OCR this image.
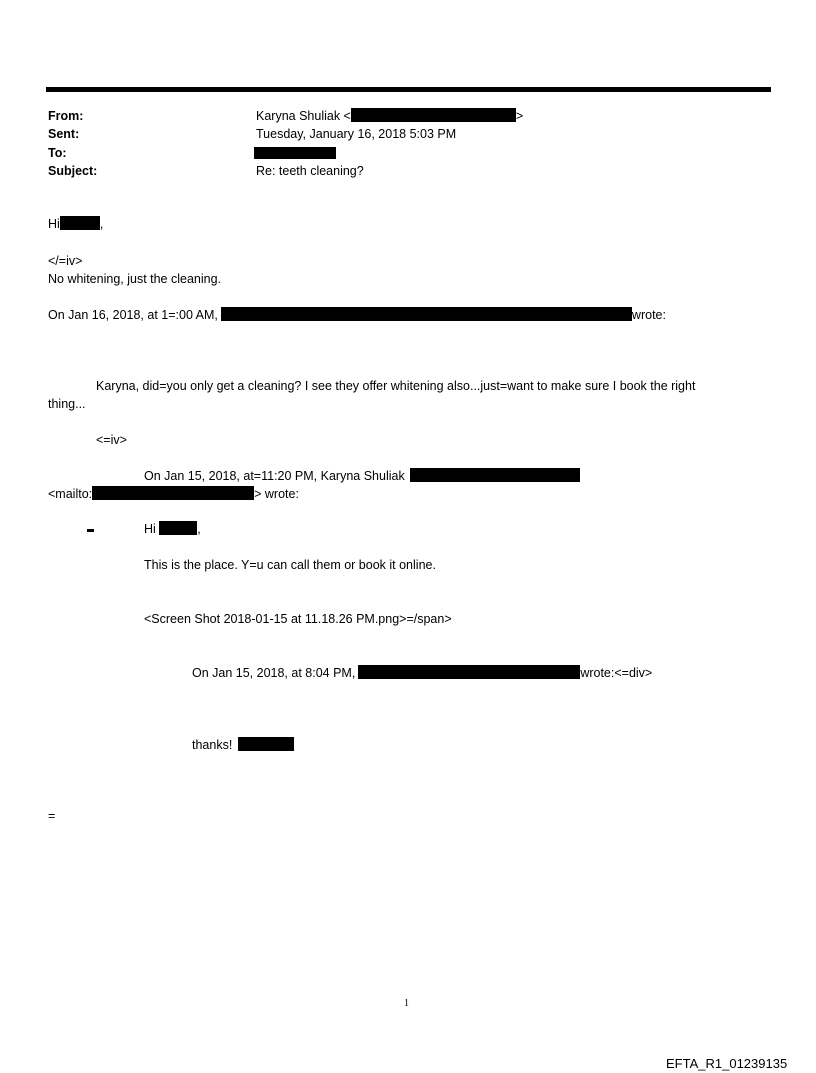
From:	Karyna Shuliak <	>
Sent:	Tuesday, January 16, 2018 5:03 PM
To:
Subject:	Re: teeth cleaning?
Hi	,
</=iv>
No whitening, just the cleaning.
On Jan 16, 2018, at 1=:00 AM,	wrote:
Karyna, did=you only get a cleaning? I see they offer whitening also...just=want to make sure I book the right
thing...
<=iv>
On Jan 15, 2018, at=11:20 PM, Karyna Shuliak
<mailto:	> wrote:
Hi	,
This is the place. Y=u can call them or book it online.
<Screen Shot 2018-01-15 at 11.18.26 PM.png>=/span>
On Jan 15, 2018, at 8:04 PM,	wrote:<=div>
thanks!
=
1
EFTA_R1_01239135
